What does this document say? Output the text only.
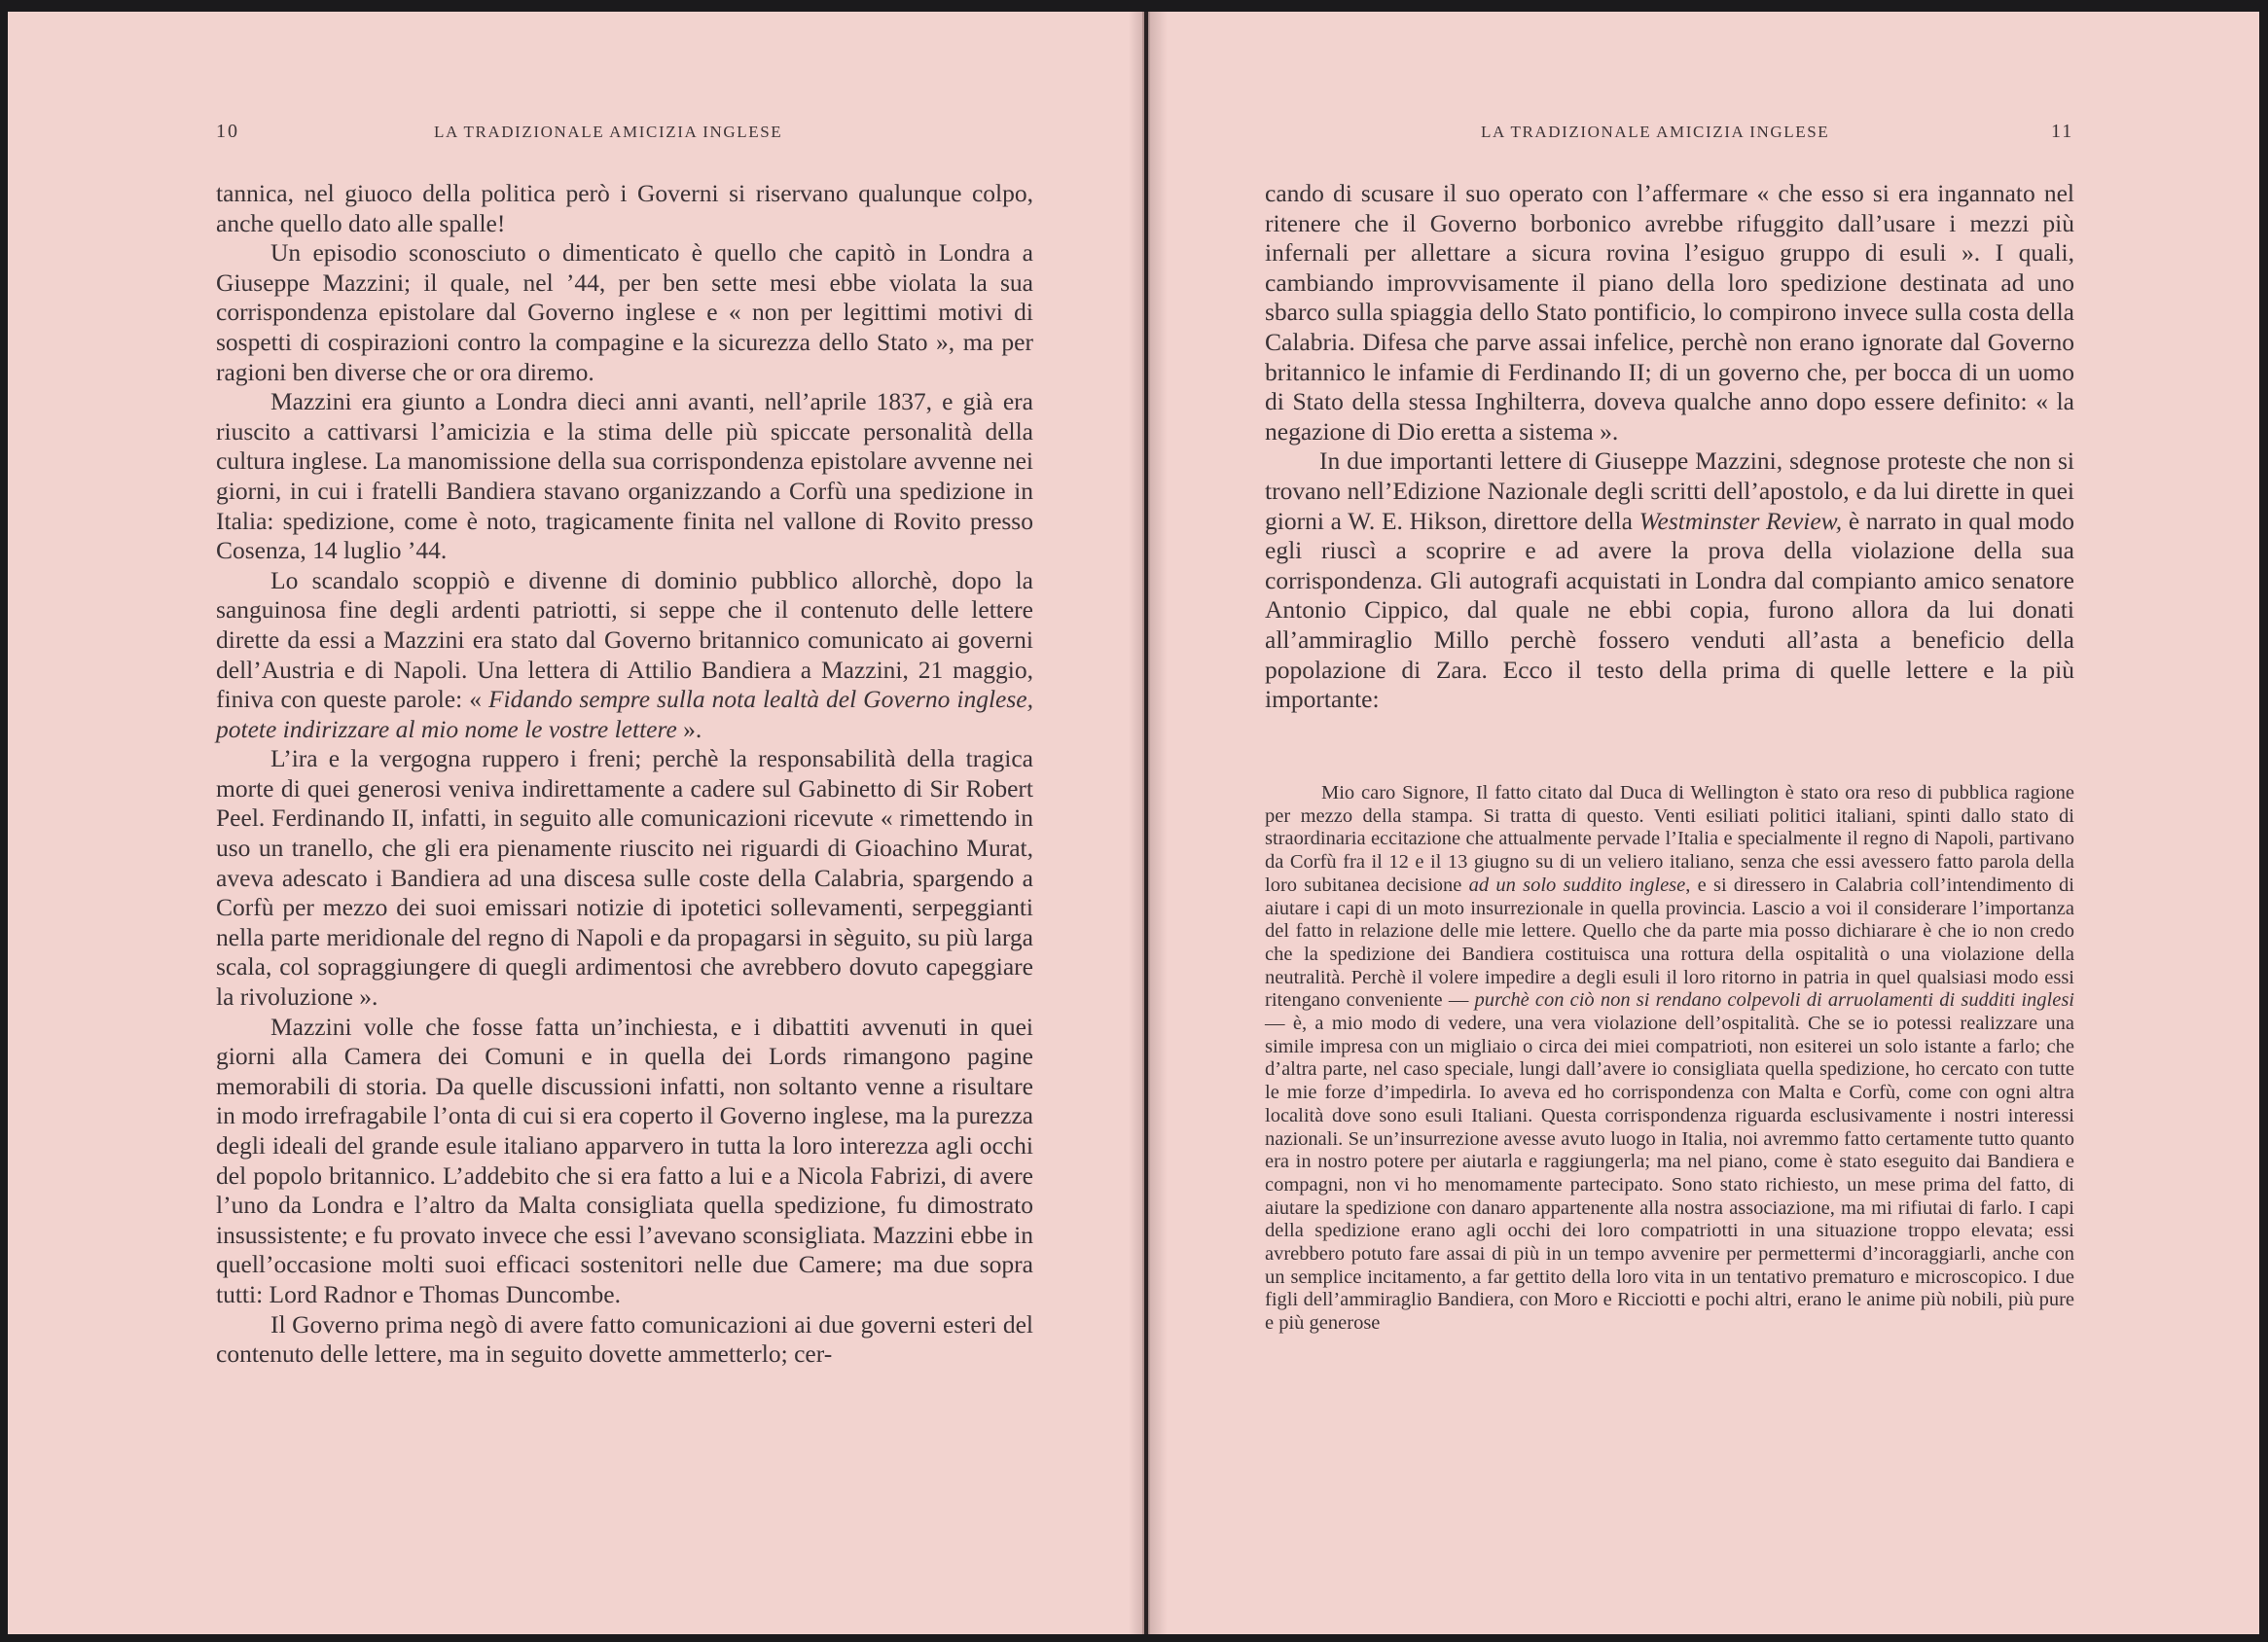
10	LA TRADIZIONALE AMICIZIA INGLESE

tannica, nel giuoco della politica però i Governi si riservano qualunque colpo, anche quello dato alle spalle!

Un episodio sconosciuto o dimenticato è quello che capitò in Londra a Giuseppe Mazzini; il quale, nel ’44, per ben sette mesi ebbe violata la sua corrispondenza epistolare dal Governo inglese e « non per legittimi motivi di sospetti di cospirazioni contro la compagine e la sicurezza dello Stato », ma per ragioni ben diverse che or ora diremo.

Mazzini era giunto a Londra dieci anni avanti, nell’aprile 1837, e già era riuscito a cattivarsi l’amicizia e la stima delle più spiccate personalità della cultura inglese. La manomissione della sua corrispondenza epistolare avvenne nei giorni, in cui i fratelli Bandiera stavano organizzando a Corfù una spedizione in Italia: spedizione, come è noto, tragicamente finita nel vallone di Rovito presso Cosenza, 14 luglio ’44.

Lo scandalo scoppiò e divenne di dominio pubblico allorchè, dopo la sanguinosa fine degli ardenti patriotti, si seppe che il contenuto delle lettere dirette da essi a Mazzini era stato dal Governo britannico comunicato ai governi dell’Austria e di Napoli. Una lettera di Attilio Bandiera a Mazzini, 21 maggio, finiva con queste parole: « Fidando sempre sulla nota lealtà del Governo inglese, potete indirizzare al mio nome le vostre lettere ».

L’ira e la vergogna ruppero i freni; perchè la responsabilità della tragica morte di quei generosi veniva indirettamente a cadere sul Gabinetto di Sir Robert Peel. Ferdinando II, infatti, in seguito alle comunicazioni ricevute « rimettendo in uso un tranello, che gli era pienamente riuscito nei riguardi di Gioachino Murat, aveva adescato i Bandiera ad una discesa sulle coste della Calabria, spargendo a Corfù per mezzo dei suoi emissari notizie di ipotetici sollevamenti, serpeggianti nella parte meridionale del regno di Napoli e da propagarsi in sèguito, su più larga scala, col sopraggiungere di quegli ardimentosi che avrebbero dovuto capeggiare la rivoluzione ».

Mazzini volle che fosse fatta un’inchiesta, e i dibattiti avvenuti in quei giorni alla Camera dei Comuni e in quella dei Lords rimangono pagine memorabili di storia. Da quelle discussioni infatti, non soltanto venne a risultare in modo irrefragabile l’onta di cui si era coperto il Governo inglese, ma la purezza degli ideali del grande esule italiano apparvero in tutta la loro interezza agli occhi del popolo britannico. L’addebito che si era fatto a lui e a Nicola Fabrizi, di avere l’uno da Londra e l’altro da Malta consigliata quella spedizione, fu dimostrato insussistente; e fu provato invece che essi l’avevano sconsigliata. Mazzini ebbe in quell’occasione molti suoi efficaci sostenitori nelle due Camere; ma due sopra tutti: Lord Radnor e Thomas Duncombe.

Il Governo prima negò di avere fatto comunicazioni ai due governi esteri del contenuto delle lettere, ma in seguito dovette ammetterlo; cer-

LA TRADIZIONALE AMICIZIA INGLESE	11

cando di scusare il suo operato con l’affermare « che esso si era ingannato nel ritenere che il Governo borbonico avrebbe rifuggito dall’usare i mezzi più infernali per allettare a sicura rovina l’esiguo gruppo di esuli ». I quali, cambiando improvvisamente il piano della loro spedizione destinata ad uno sbarco sulla spiaggia dello Stato pontificio, lo compirono invece sulla costa della Calabria. Difesa che parve assai infelice, perchè non erano ignorate dal Governo britannico le infamie di Ferdinando II; di un governo che, per bocca di un uomo di Stato della stessa Inghilterra, doveva qualche anno dopo essere definito: « la negazione di Dio eretta a sistema ».

In due importanti lettere di Giuseppe Mazzini, sdegnose proteste che non si trovano nell’Edizione Nazionale degli scritti dell’apostolo, e da lui dirette in quei giorni a W. E. Hikson, direttore della Westminster Review, è narrato in qual modo egli riuscì a scoprire e ad avere la prova della violazione della sua corrispondenza. Gli autografi acquistati in Londra dal compianto amico senatore Antonio Cippico, dal quale ne ebbi copia, furono allora da lui donati all’ammiraglio Millo perchè fossero venduti all’asta a beneficio della popolazione di Zara. Ecco il testo della prima di quelle lettere e la più importante:

Mio caro Signore, Il fatto citato dal Duca di Wellington è stato ora reso di pubblica ragione per mezzo della stampa. Si tratta di questo. Venti esiliati politici italiani, spinti dallo stato di straordinaria eccitazione che attualmente pervade l’Italia e specialmente il regno di Napoli, partivano da Corfù fra il 12 e il 13 giugno su di un veliero italiano, senza che essi avessero fatto parola della loro subitanea decisione ad un solo suddito inglese, e si diressero in Calabria coll’intendimento di aiutare i capi di un moto insurrezionale in quella provincia. Lascio a voi il considerare l’importanza del fatto in relazione delle mie lettere. Quello che da parte mia posso dichiarare è che io non credo che la spedizione dei Bandiera costituisca una rottura della ospitalità o una violazione della neutralità. Perchè il volere impedire a degli esuli il loro ritorno in patria in quel qualsiasi modo essi ritengano conveniente — purchè con ciò non si rendano colpevoli di arruolamenti di sudditi inglesi — è, a mio modo di vedere, una vera violazione dell’ospitalità. Che se io potessi realizzare una simile impresa con un migliaio o circa dei miei compatrioti, non esiterei un solo istante a farlo; che d’altra parte, nel caso speciale, lungi dall’avere io consigliata quella spedizione, ho cercato con tutte le mie forze d’impedirla. Io aveva ed ho corrispondenza con Malta e Corfù, come con ogni altra località dove sono esuli Italiani. Questa corrispondenza riguarda esclusivamente i nostri interessi nazionali. Se un’insurrezione avesse avuto luogo in Italia, noi avremmo fatto certamente tutto quanto era in nostro potere per aiutarla e raggiungerla; ma nel piano, come è stato eseguito dai Bandiera e compagni, non vi ho menomamente partecipato. Sono stato richiesto, un mese prima del fatto, di aiutare la spedizione con danaro appartenente alla nostra associazione, ma mi rifiutai di farlo. I capi della spedizione erano agli occhi dei loro compatriotti in una situazione troppo elevata; essi avrebbero potuto fare assai di più in un tempo avvenire per permettermi d’incoraggiarli, anche con un semplice incitamento, a far gettito della loro vita in un tentativo prematuro e microscopico. I due figli dell’ammiraglio Bandiera, con Moro e Ricciotti e pochi altri, erano le anime più nobili, più pure e più generose
